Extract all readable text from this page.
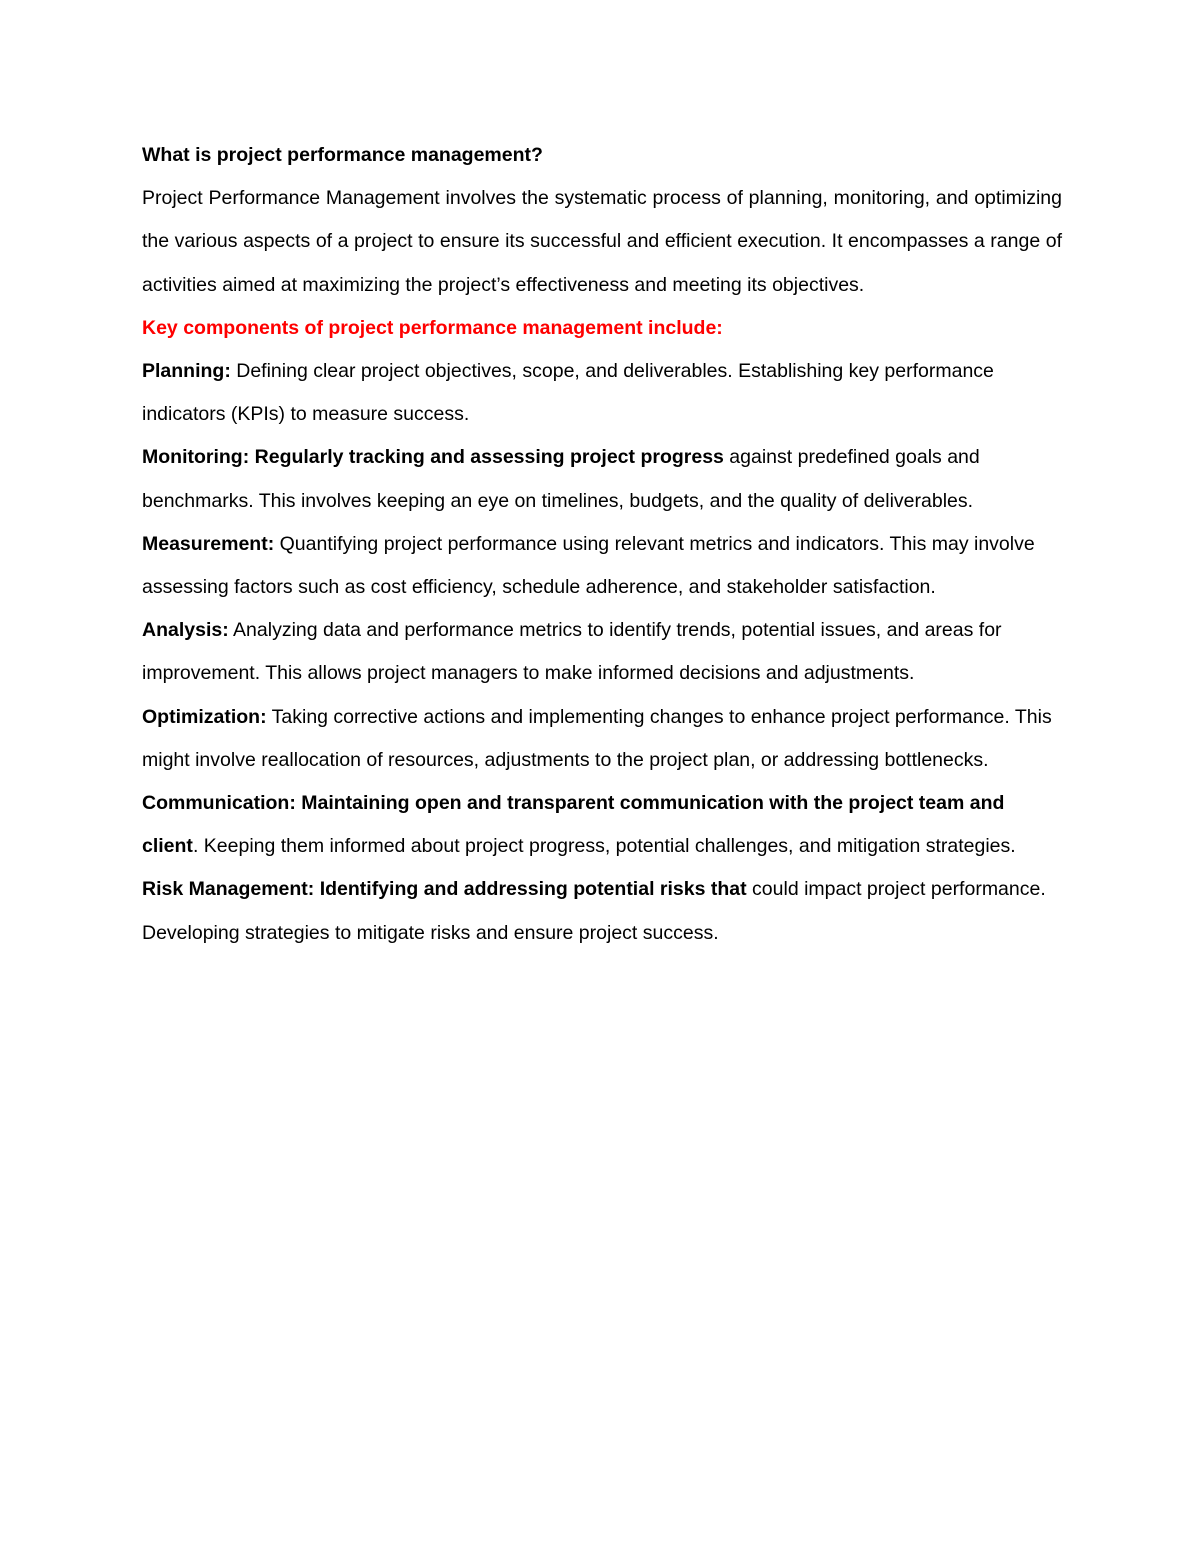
What is project performance management?

Project Performance Management involves the systematic process of planning, monitoring, and optimizing the various aspects of a project to ensure its successful and efficient execution. It encompasses a range of activities aimed at maximizing the project’s effectiveness and meeting its objectives.

Key components of project performance management include:

Planning: Defining clear project objectives, scope, and deliverables. Establishing key performance indicators (KPIs) to measure success.

Monitoring: Regularly tracking and assessing project progress against predefined goals and benchmarks. This involves keeping an eye on timelines, budgets, and the quality of deliverables.

Measurement: Quantifying project performance using relevant metrics and indicators. This may involve assessing factors such as cost efficiency, schedule adherence, and stakeholder satisfaction.

Analysis: Analyzing data and performance metrics to identify trends, potential issues, and areas for improvement. This allows project managers to make informed decisions and adjustments.

Optimization: Taking corrective actions and implementing changes to enhance project performance. This might involve reallocation of resources, adjustments to the project plan, or addressing bottlenecks.

Communication: Maintaining open and transparent communication with the project team and client. Keeping them informed about project progress, potential challenges, and mitigation strategies.

Risk Management: Identifying and addressing potential risks that could impact project performance. Developing strategies to mitigate risks and ensure project success.
